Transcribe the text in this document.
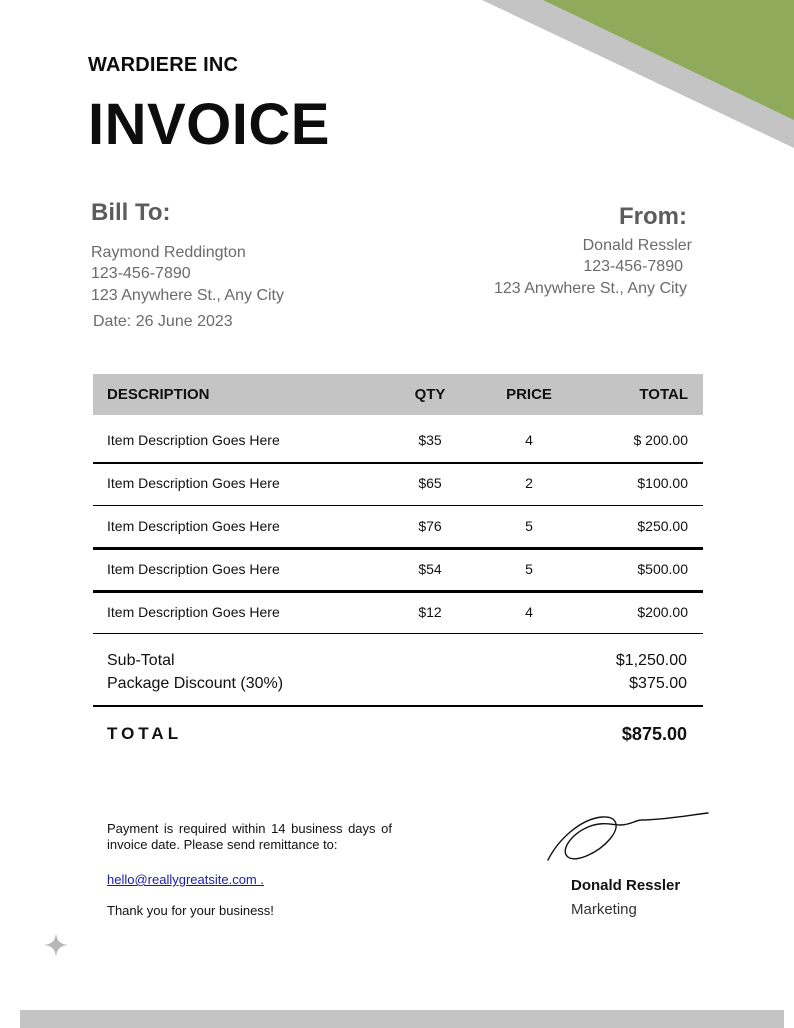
WARDIERE INC
INVOICE
Bill To:
Raymond Reddington
123-456-7890
123 Anywhere St., Any City
Date: 26 June 2023
From:
Donald Ressler
123-456-7890
123 Anywhere St., Any City
DESCRIPTION	QTY	PRICE	TOTAL
Item Description Goes Here	$35	4	$ 200.00
Item Description Goes Here	$65	2	$100.00
Item Description Goes Here	$76	5	$250.00
Item Description Goes Here	$54	5	$500.00
Item Description Goes Here	$12	4	$200.00
Sub-Total	$1,250.00
Package Discount (30%)	$375.00
TOTAL	$875.00
Payment is required within 14 business days of invoice date. Please send remittance to:
hello@reallygreatsite.com .
Thank you for your business!
Donald Ressler
Marketing
